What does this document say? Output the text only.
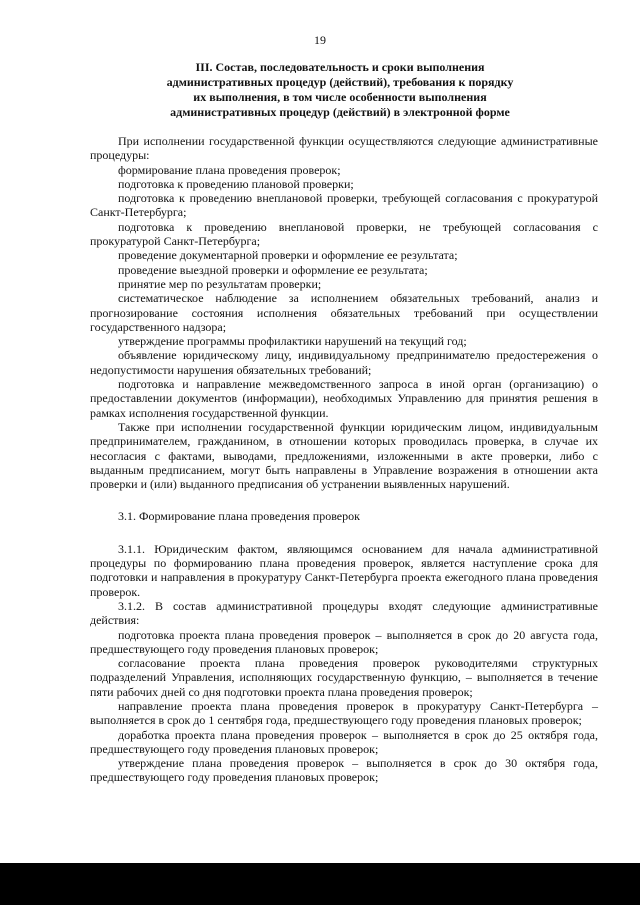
19
III. Состав, последовательность и сроки выполнения
административных процедур (действий), требования к порядку
их выполнения, в том числе особенности выполнения
административных процедур (действий) в электронной форме

При исполнении государственной функции осуществляются следующие административные процедуры:

формирование плана проведения проверок;

подготовка к проведению плановой проверки;

подготовка к проведению внеплановой проверки, требующей согласования с прокуратурой Санкт-Петербурга;

подготовка к проведению внеплановой проверки, не требующей согласования с прокуратурой Санкт-Петербурга;

проведение документарной проверки и оформление ее результата;

проведение выездной проверки и оформление ее результата;

принятие мер по результатам проверки;

систематическое наблюдение за исполнением обязательных требований, анализ и прогнозирование состояния исполнения обязательных требований при осуществлении государственного надзора;

утверждение программы профилактики нарушений на текущий год;

объявление юридическому лицу, индивидуальному предпринимателю предостережения о недопустимости нарушения обязательных требований;

подготовка и направление межведомственного запроса в иной орган (организацию) о предоставлении документов (информации), необходимых Управлению для принятия решения в рамках исполнения государственной функции.

Также при исполнении государственной функции юридическим лицом, индивидуальным предпринимателем, гражданином, в отношении которых проводилась проверка, в случае их несогласия с фактами, выводами, предложениями, изложенными в акте проверки, либо с выданным предписанием, могут быть направлены в Управление возражения в отношении акта проверки и (или) выданного предписания об устранении выявленных нарушений.

3.1. Формирование плана проведения проверок

3.1.1. Юридическим фактом, являющимся основанием для начала административной процедуры по формированию плана проведения проверок, является наступление срока для подготовки и направления в прокуратуру Санкт-Петербурга проекта ежегодного плана проведения проверок.

3.1.2. В состав административной процедуры входят следующие административные действия:

подготовка проекта плана проведения проверок – выполняется в срок до 20 августа года, предшествующего году проведения плановых проверок;

согласование проекта плана проведения проверок руководителями структурных подразделений Управления, исполняющих государственную функцию, – выполняется в течение пяти рабочих дней со дня подготовки проекта плана проведения проверок;

направление проекта плана проведения проверок в прокуратуру Санкт-Петербурга – выполняется в срок до 1 сентября года, предшествующего году проведения плановых проверок;

доработка проекта плана проведения проверок – выполняется в срок до 25 октября года, предшествующего году проведения плановых проверок;

утверждение плана проведения проверок – выполняется в срок до 30 октября года, предшествующего году проведения плановых проверок;
